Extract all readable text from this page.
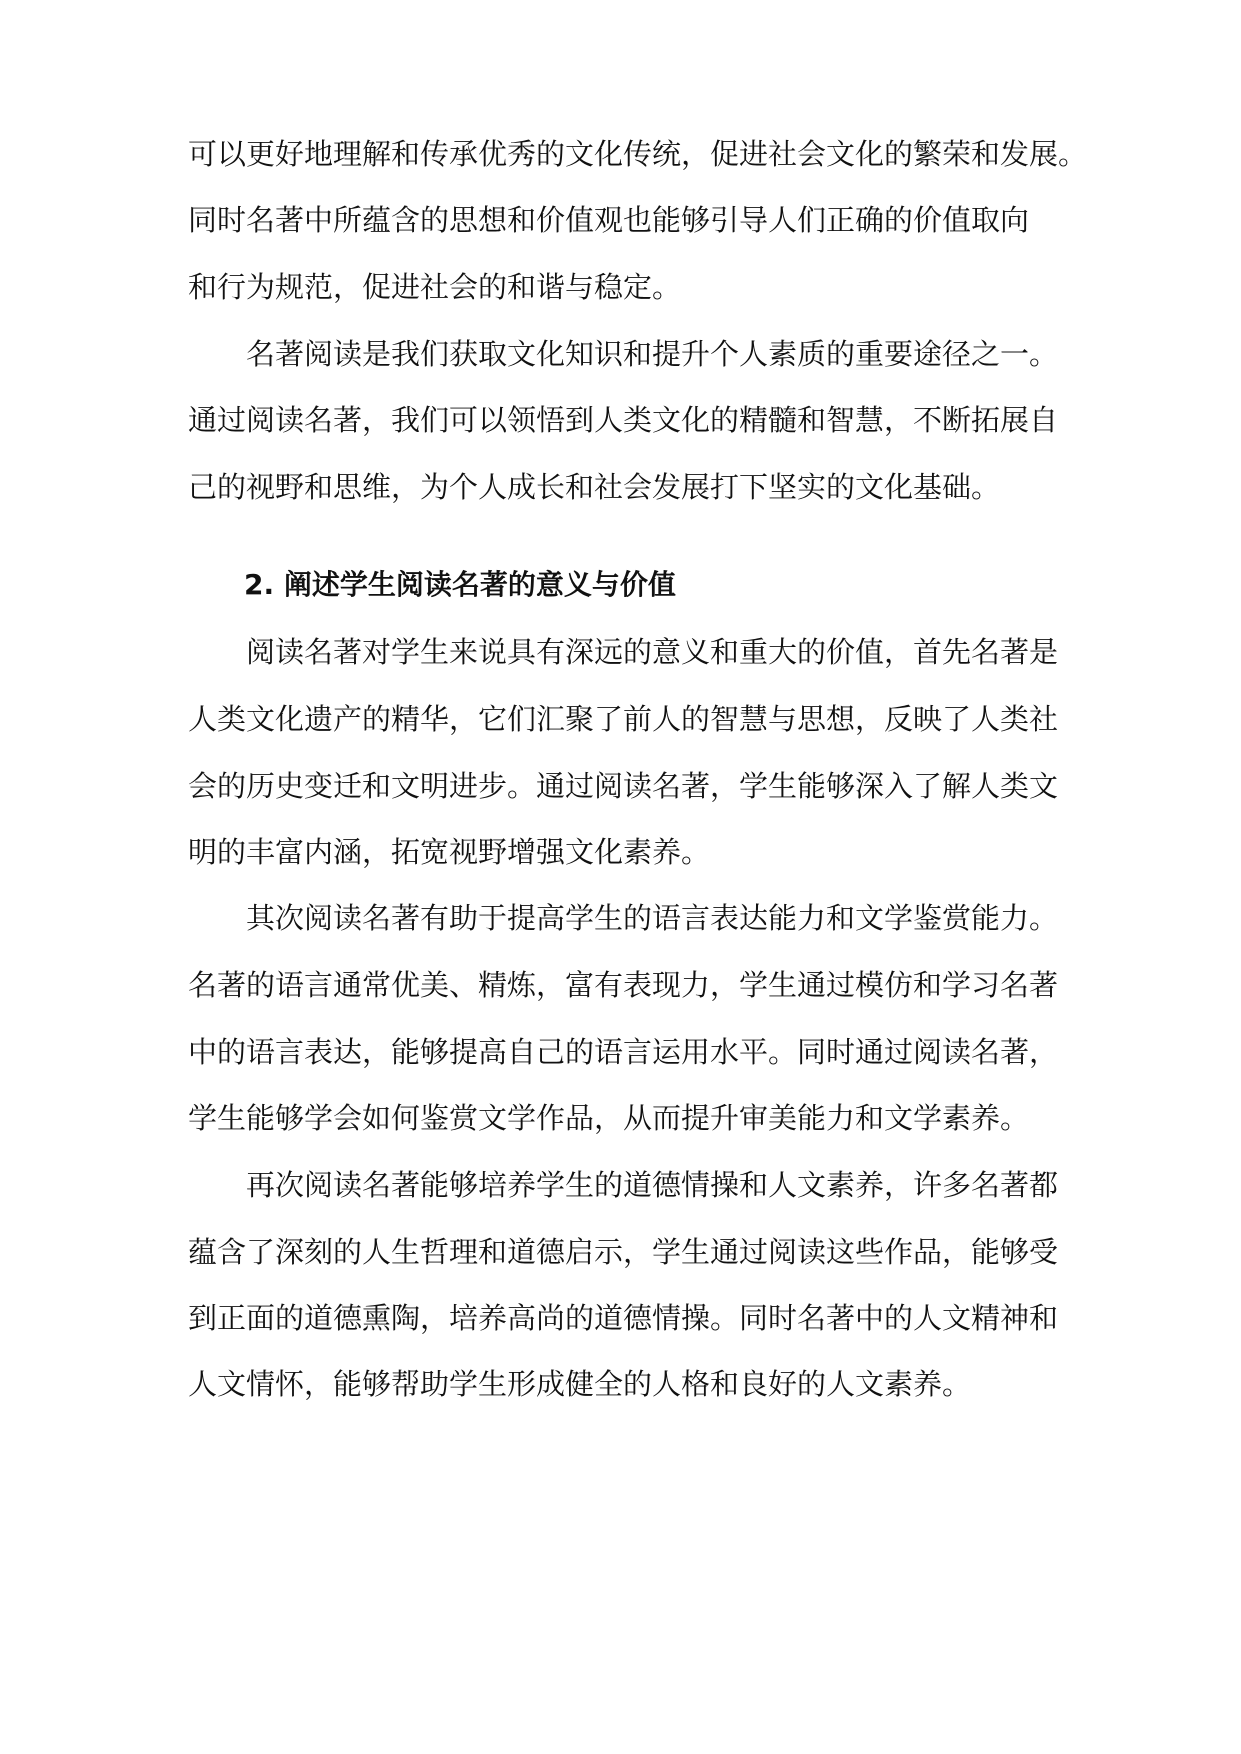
可以更好地理解和传承优秀的文化传统，促进社会文化的繁荣和发展。
同时名著中所蕴含的思想和价值观也能够引导人们正确的价值取向
和行为规范，促进社会的和谐与稳定。
名著阅读是我们获取文化知识和提升个人素质的重要途径之一。
通过阅读名著，我们可以领悟到人类文化的精髓和智慧，不断拓展自
己的视野和思维，为个人成长和社会发展打下坚实的文化基础。
2. 阐述学生阅读名著的意义与价值
阅读名著对学生来说具有深远的意义和重大的价值，首先名著是
人类文化遗产的精华，它们汇聚了前人的智慧与思想，反映了人类社
会的历史变迁和文明进步。通过阅读名著，学生能够深入了解人类文
明的丰富内涵，拓宽视野增强文化素养。
其次阅读名著有助于提高学生的语言表达能力和文学鉴赏能力。
名著的语言通常优美、精炼，富有表现力，学生通过模仿和学习名著
中的语言表达，能够提高自己的语言运用水平。同时通过阅读名著，
学生能够学会如何鉴赏文学作品，从而提升审美能力和文学素养。
再次阅读名著能够培养学生的道德情操和人文素养，许多名著都
蕴含了深刻的人生哲理和道德启示，学生通过阅读这些作品，能够受
到正面的道德熏陶，培养高尚的道德情操。同时名著中的人文精神和
人文情怀，能够帮助学生形成健全的人格和良好的人文素养。
